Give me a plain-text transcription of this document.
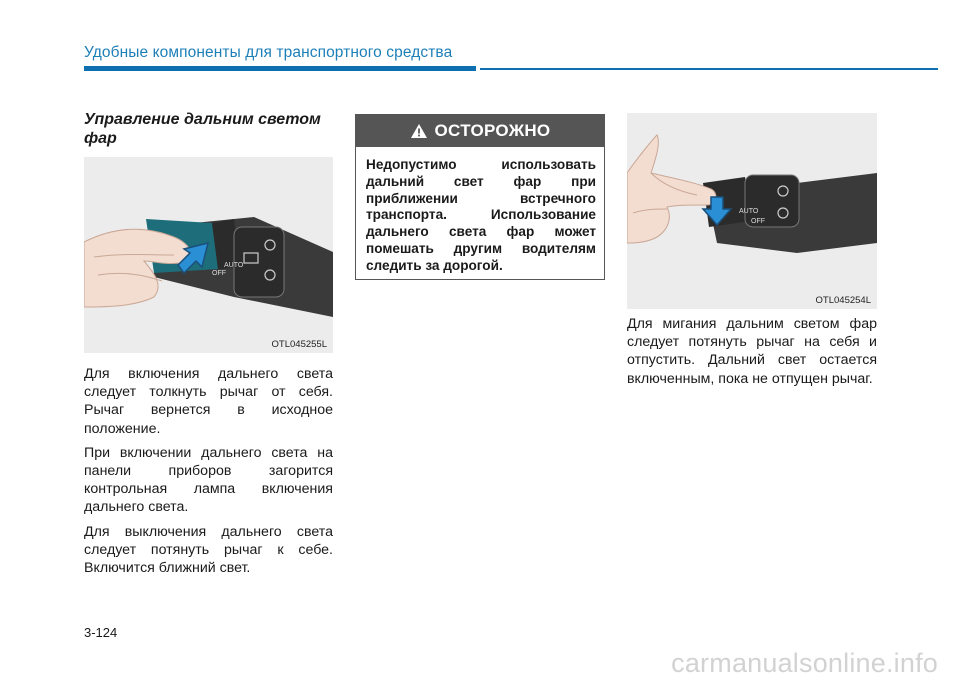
Удобные компоненты для транспортного средства
Управление дальним светом фар
AUTO
OFF
OTL045255L

Для включения дальнего света следует толкнуть рычаг от себя. Рычаг вернется в исходное положение.

При включении дальнего света на панели приборов загорится контрольная лампа включения дальнего света.

Для выключения дальнего света следует потянуть рычаг к себе. Включится ближний свет.

ОСТОРОЖНО
Недопустимо использовать дальний свет фар при приближении встречного транспорта. Использование дальнего света фар может помешать другим водителям следить за дорогой.
AUTO
OFF
OTL045254L

Для мигания дальним светом фар следует потянуть рычаг на себя и отпустить. Дальний свет остается включенным, пока не отпущен рычаг.

3-124
carmanualsonline.info
